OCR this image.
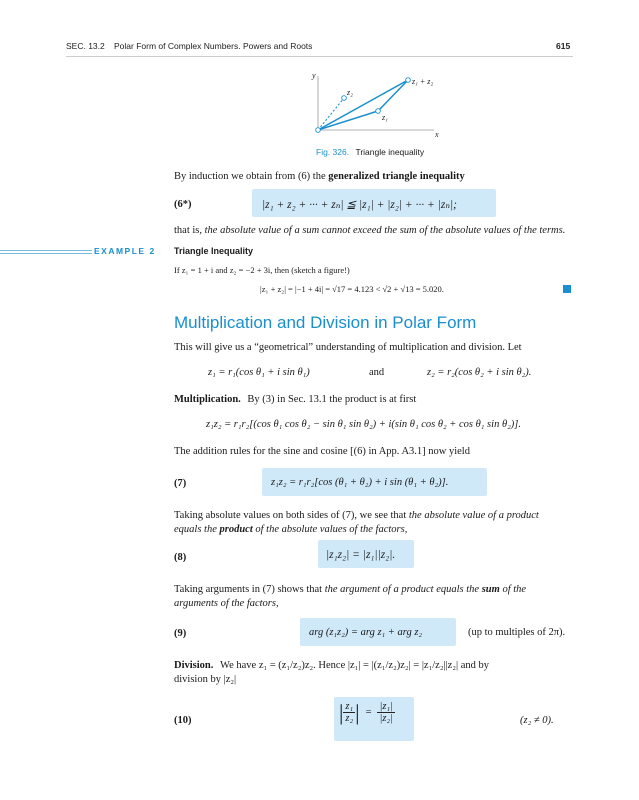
SEC. 13.2 Polar Form of Complex Numbers. Powers and Roots	615
y
x
z₂
z₁
z₁ + z₂
Fig. 326. Triangle inequality
By induction we obtain from (6) the generalized triangle inequality
(6*)	|z₁ + z₂ + ··· + zₙ| ≦ |z₁| + |z₂| + ··· + |zₙ|;
that is, the absolute value of a sum cannot exceed the sum of the absolute values of the terms.
EXAMPLE 2 Triangle Inequality
If z₁ = 1 + i and z₂ = −2 + 3i, then (sketch a figure!)
|z₁ + z₂| = |−1 + 4i| = √17 = 4.123 < √2 + √13 = 5.020.
Multiplication and Division in Polar Form
This will give us a “geometrical” understanding of multiplication and division. Let
z₁ = r₁(cos θ₁ + i sin θ₁)	and	z₂ = r₂(cos θ₂ + i sin θ₂).
Multiplication. By (3) in Sec. 13.1 the product is at first
z₁z₂ = r₁r₂[(cos θ₁ cos θ₂ − sin θ₁ sin θ₂) + i(sin θ₁ cos θ₂ + cos θ₁ sin θ₂)].
The addition rules for the sine and cosine [(6) in App. A3.1] now yield
(7)	z₁z₂ = r₁r₂[cos (θ₁ + θ₂) + i sin (θ₁ + θ₂)].
Taking absolute values on both sides of (7), we see that the absolute value of a product
equals the product of the absolute values of the factors,
(8)	|z₁z₂| = |z₁||z₂|.
Taking arguments in (7) shows that the argument of a product equals the sum of the
arguments of the factors,
(9)	arg (z₁z₂) = arg z₁ + arg z₂	(up to multiples of 2π).
Division. We have z₁ = (z₁/z₂)z₂. Hence |z₁| = |(z₁/z₂)z₂| = |z₁/z₂||z₂| and by
division by |z₂|
(10)	| $\frac{\text{z₁}}{\text{z₂}}$ | = $\frac{\text{|z₁|}}{\text{|z₂|}}$	(z₂ ≠ 0).
